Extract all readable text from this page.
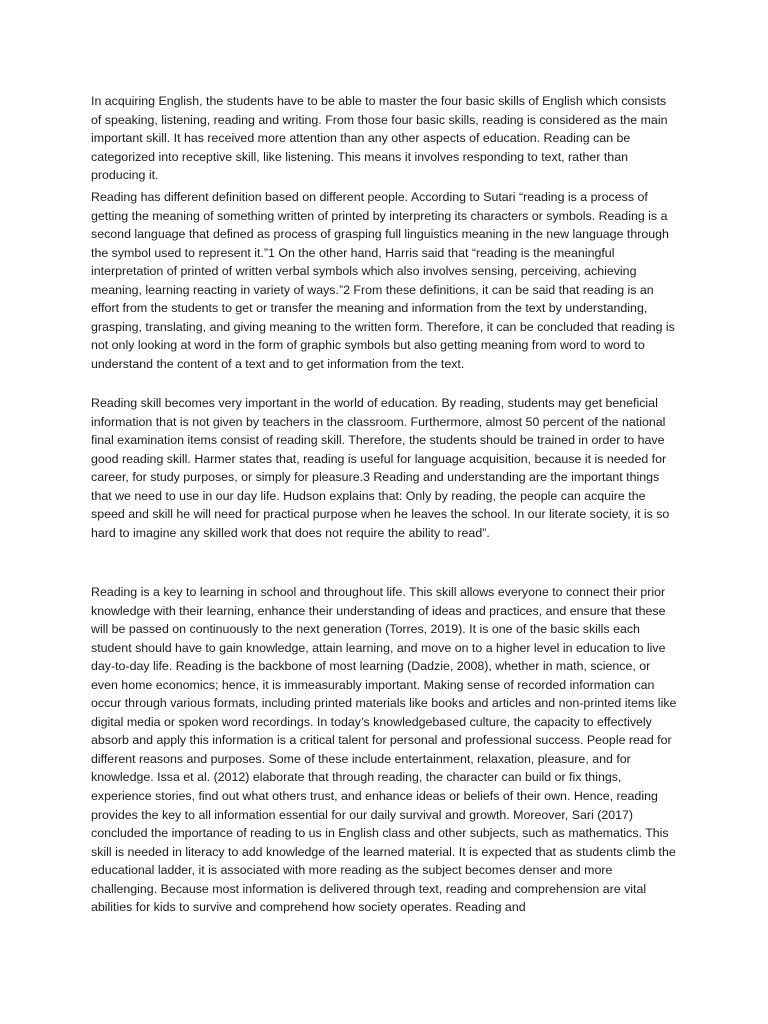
In acquiring English, the students have to be able to master the four basic skills of English which consists of speaking, listening, reading and writing. From those four basic skills, reading is considered as the main important skill. It has received more attention than any other aspects of education. Reading can be categorized into receptive skill, like listening. This means it involves responding to text, rather than producing it.

Reading has different definition based on different people. According to Sutari “reading is a process of getting the meaning of something written of printed by interpreting its characters or symbols. Reading is a second language that defined as process of grasping full linguistics meaning in the new language through the symbol used to represent it.”1 On the other hand, Harris said that “reading is the meaningful interpretation of printed of written verbal symbols which also involves sensing, perceiving, achieving meaning, learning reacting in variety of ways.”2 From these definitions, it can be said that reading is an effort from the students to get or transfer the meaning and information from the text by understanding, grasping, translating, and giving meaning to the written form. Therefore, it can be concluded that reading is not only looking at word in the form of graphic symbols but also getting meaning from word to word to understand the content of a text and to get information from the text.

Reading skill becomes very important in the world of education. By reading, students may get beneficial information that is not given by teachers in the classroom. Furthermore, almost 50 percent of the national final examination items consist of reading skill. Therefore, the students should be trained in order to have good reading skill. Harmer states that, reading is useful for language acquisition, because it is needed for career, for study purposes, or simply for pleasure.3 Reading and understanding are the important things that we need to use in our day life. Hudson explains that: Only by reading, the people can acquire the speed and skill he will need for practical purpose when he leaves the school. In our literate society, it is so hard to imagine any skilled work that does not require the ability to read”.

Reading is a key to learning in school and throughout life. This skill allows everyone to connect their prior knowledge with their learning, enhance their understanding of ideas and practices, and ensure that these will be passed on continuously to the next generation (Torres, 2019). It is one of the basic skills each student should have to gain knowledge, attain learning, and move on to a higher level in education to live day-to-day life. Reading is the backbone of most learning (Dadzie, 2008), whether in math, science, or even home economics; hence, it is immeasurably important. Making sense of recorded information can occur through various formats, including printed materials like books and articles and non-printed items like digital media or spoken word recordings. In today’s knowledgebased culture, the capacity to effectively absorb and apply this information is a critical talent for personal and professional success. People read for different reasons and purposes. Some of these include entertainment, relaxation, pleasure, and for knowledge. Issa et al. (2012) elaborate that through reading, the character can build or fix things, experience stories, find out what others trust, and enhance ideas or beliefs of their own. Hence, reading provides the key to all information essential for our daily survival and growth. Moreover, Sari (2017) concluded the importance of reading to us in English class and other subjects, such as mathematics. This skill is needed in literacy to add knowledge of the learned material. It is expected that as students climb the educational ladder, it is associated with more reading as the subject becomes denser and more challenging. Because most information is delivered through text, reading and comprehension are vital abilities for kids to survive and comprehend how society operates. Reading and
